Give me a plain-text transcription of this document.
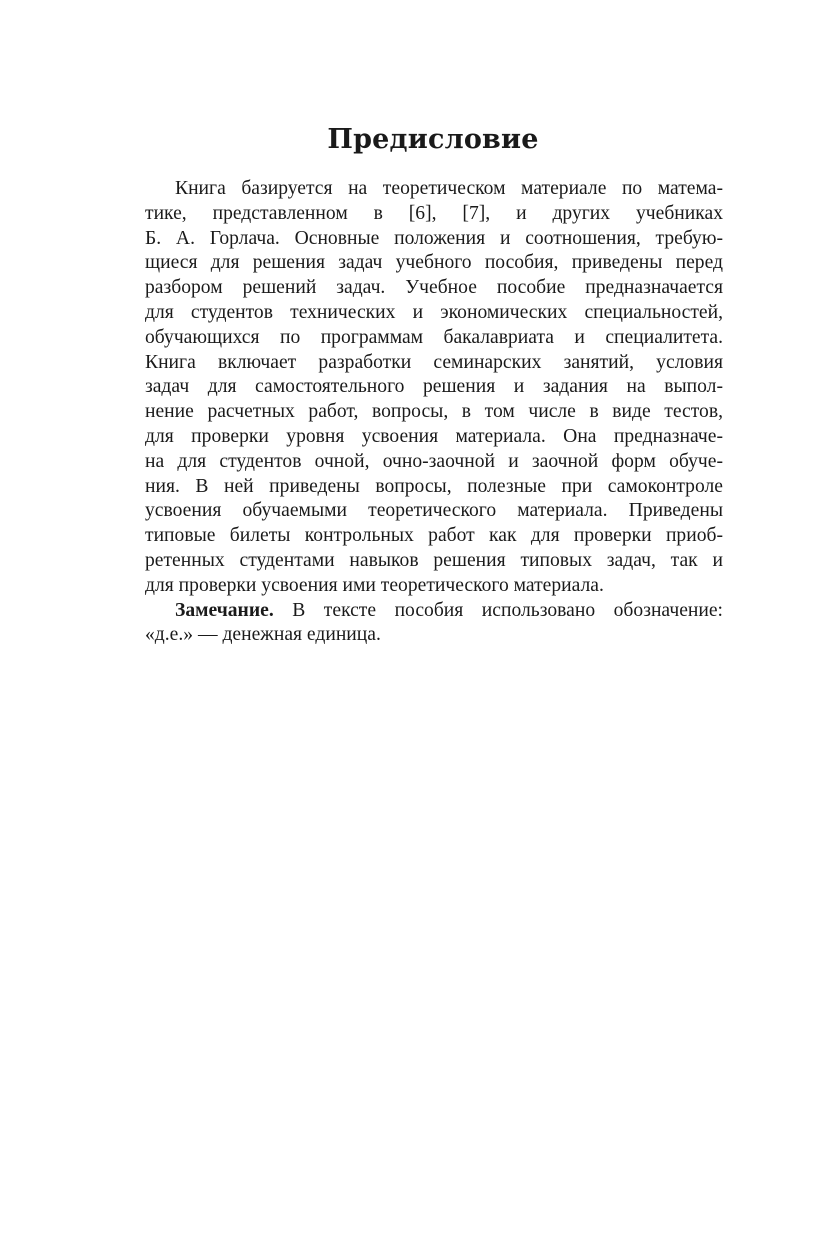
Предисловие
Книга базируется на теоретическом материале по матема-
тике, представленном в [6], [7], и других учебниках
Б. А. Горлача. Основные положения и соотношения, требую-
щиеся для решения задач учебного пособия, приведены перед
разбором решений задач. Учебное пособие предназначается
для студентов технических и экономических специальностей,
обучающихся по программам бакалавриата и специалитета.
Книга включает разработки семинарских занятий, условия
задач для самостоятельного решения и задания на выпол-
нение расчетных работ, вопросы, в том числе в виде тестов,
для проверки уровня усвоения материала. Она предназначе-
на для студентов очной, очно-заочной и заочной форм обуче-
ния. В ней приведены вопросы, полезные при самоконтроле
усвоения обучаемыми теоретического материала. Приведены
типовые билеты контрольных работ как для проверки приоб-
ретенных студентами навыков решения типовых задач, так и
для проверки усвоения ими теоретического материала.
Замечание. В тексте пособия использовано обозначение:
«д.е.» — денежная единица.
